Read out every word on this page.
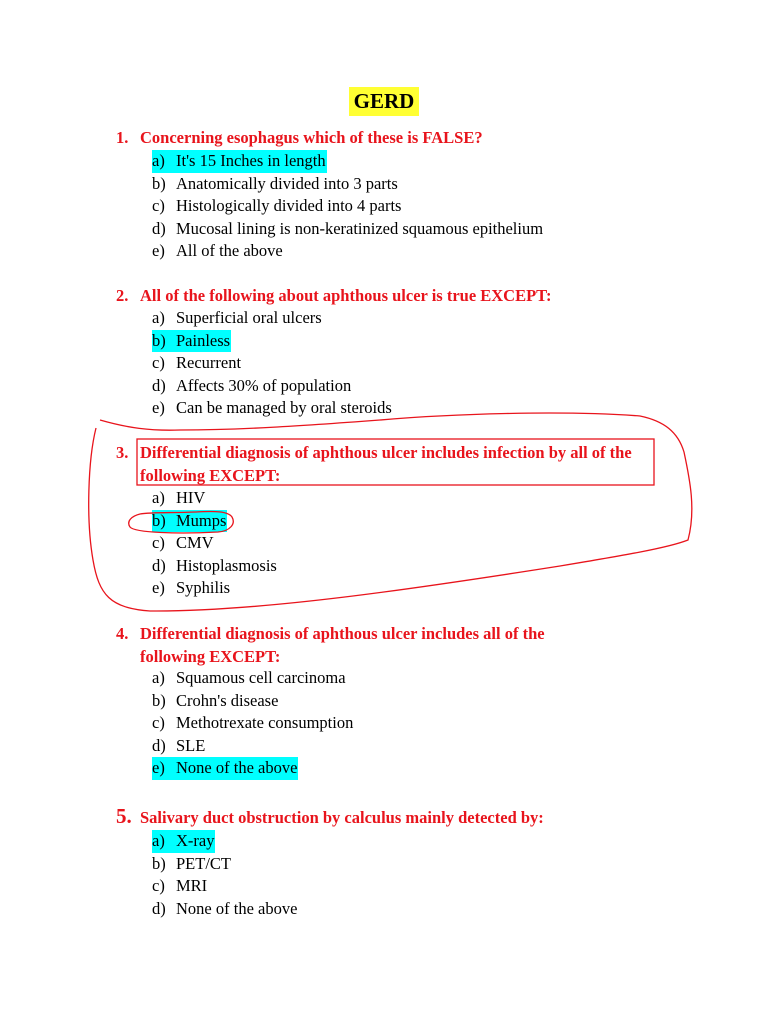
GERD
1. Concerning esophagus which of these is FALSE?
a) It's 15 Inches in length
b) Anatomically divided into 3 parts
c) Histologically divided into 4 parts
d) Mucosal lining is non-keratinized squamous epithelium
e) All of the above
2. All of the following about aphthous ulcer is true EXCEPT:
a) Superficial oral ulcers
b) Painless
c) Recurrent
d) Affects 30% of population
e) Can be managed by oral steroids
3. Differential diagnosis of aphthous ulcer includes infection by all of the following EXCEPT:
a) HIV
b) Mumps
c) CMV
d) Histoplasmosis
e) Syphilis
4. Differential diagnosis of aphthous ulcer includes all of the following EXCEPT:
a) Squamous cell carcinoma
b) Crohn's disease
c) Methotrexate consumption
d) SLE
e) None of the above
5. Salivary duct obstruction by calculus mainly detected by:
a) X-ray
b) PET/CT
c) MRI
d) None of the above
